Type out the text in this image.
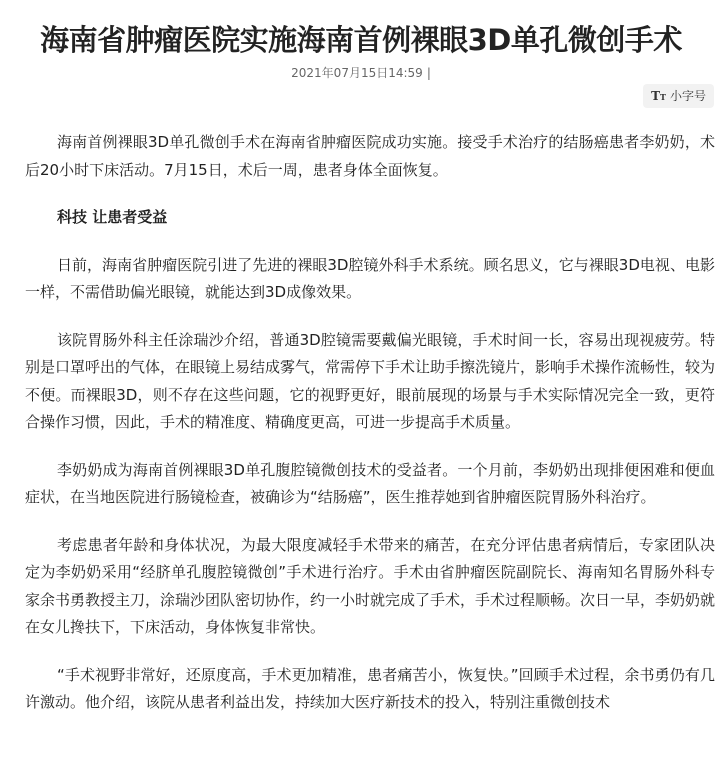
海南省肿瘤医院实施海南首例裸眼3D单孔微创手术
2021年07月15日14:59 |
TT 小字号

海南首例裸眼3D单孔微创手术在海南省肿瘤医院成功实施。接受手术治疗的结肠癌患者李奶奶，术后20小时下床活动。7月15日，术后一周，患者身体全面恢复。

科技 让患者受益

日前，海南省肿瘤医院引进了先进的裸眼3D腔镜外科手术系统。顾名思义，它与裸眼3D电视、电影一样，不需借助偏光眼镜，就能达到3D成像效果。

该院胃肠外科主任涂瑞沙介绍，普通3D腔镜需要戴偏光眼镜，手术时间一长，容易出现视疲劳。特别是口罩呼出的气体，在眼镜上易结成雾气，常需停下手术让助手擦洗镜片，影响手术操作流畅性，较为不便。而裸眼3D，则不存在这些问题，它的视野更好，眼前展现的场景与手术实际情况完全一致，更符合操作习惯，因此，手术的精准度、精确度更高，可进一步提高手术质量。

李奶奶成为海南首例裸眼3D单孔腹腔镜微创技术的受益者。一个月前，李奶奶出现排便困难和便血症状，在当地医院进行肠镜检查，被确诊为“结肠癌”，医生推荐她到省肿瘤医院胃肠外科治疗。

考虑患者年龄和身体状况，为最大限度减轻手术带来的痛苦，在充分评估患者病情后，专家团队决定为李奶奶采用“经脐单孔腹腔镜微创”手术进行治疗。手术由省肿瘤医院副院长、海南知名胃肠外科专家余书勇教授主刀，涂瑞沙团队密切协作，约一小时就完成了手术，手术过程顺畅。次日一早，李奶奶就在女儿搀扶下，下床活动，身体恢复非常快。

“手术视野非常好，还原度高，手术更加精准，患者痛苦小，恢复快。”回顾手术过程，余书勇仍有几许激动。他介绍，该院从患者利益出发，持续加大医疗新技术的投入，特别注重微创技术
